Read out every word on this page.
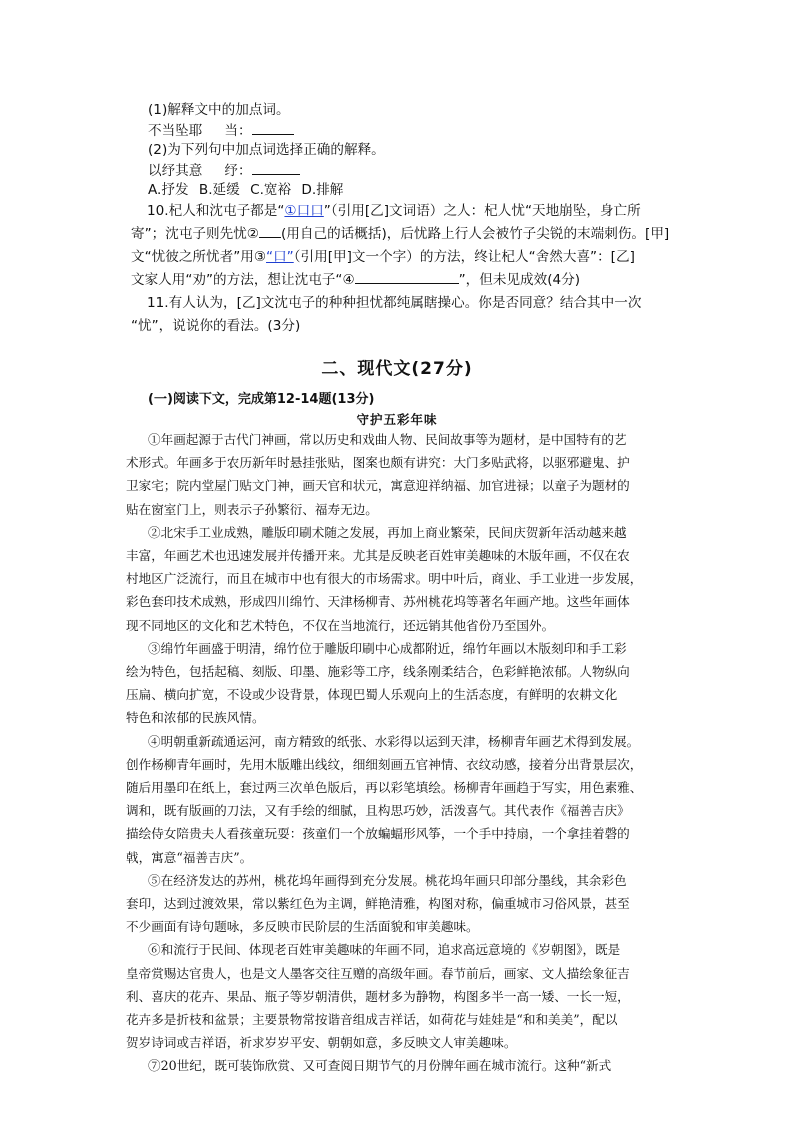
(1)解释文中的加点词。
不当坠耶 当：
(2)为下列句中加点词选择正确的解释。
以纾其意 纾：
A.抒发 B.延缓 C.宽裕 D.排解
10.杞人和沈屯子都是“①口口”（引用[乙]文词语）之人：杞人忧“天地崩坠，身亡所
寄”；沈屯子则先忧② (用自己的话概括)，后忧路上行人会被竹子尖锐的末端刺伤。[甲]
文“忧彼之所忧者”用③“口”（引用[甲]文一个字）的方法，终让杞人“舍然大喜”：[乙]
文家人用“劝”的方法，想让沈屯子“④	”，但未见成效(4分)
11.有人认为，[乙]文沈屯子的种种担忧都纯属瞎操心。你是否同意？结合其中一次
“忧”，说说你的看法。(3分)
二、现代文(27分)
(一)阅读下文，完成第12-14题(13分)
守护五彩年味
①年画起源于古代门神画，常以历史和戏曲人物、民间故事等为题材，是中国特有的艺
术形式。年画多于农历新年时悬挂张贴，图案也颇有讲究：大门多贴武将，以驱邪避鬼、护
卫家宅；院内堂屋门贴文门神，画天官和状元，寓意迎祥纳福、加官进禄；以童子为题材的
贴在窗室门上，则表示子孙繁衍、福寿无边。
②北宋手工业成熟，雕版印刷术随之发展，再加上商业繁荣，民间庆贺新年活动越来越
丰富，年画艺术也迅速发展并传播开来。尤其是反映老百姓审美趣味的木版年画，不仅在农
村地区广泛流行，而且在城市中也有很大的市场需求。明中叶后，商业、手工业进一步发展，
彩色套印技术成熟，形成四川绵竹、天津杨柳青、苏州桃花坞等著名年画产地。这些年画体
现不同地区的文化和艺术特色，不仅在当地流行，还远销其他省份乃至国外。
③绵竹年画盛于明清，绵竹位于雕版印刷中心成都附近，绵竹年画以木版刻印和手工彩
绘为特色，包括起稿、刻版、印墨、施彩等工序，线条刚柔结合，色彩鲜艳浓郁。人物纵向
压扁、横向扩宽，不设或少设背景，体现巴蜀人乐观向上的生活态度，有鲜明的农耕文化
特色和浓郁的民族风情。
④明朝重新疏通运河，南方精致的纸张、水彩得以运到天津，杨柳青年画艺术得到发展。
创作杨柳青年画时，先用木版雕出线纹，细细刻画五官神情、衣纹动感，接着分出背景层次，
随后用墨印在纸上，套过两三次单色版后，再以彩笔填绘。杨柳青年画趋于写实，用色素雅、
调和，既有版画的刀法，又有手绘的细腻，且构思巧妙，活泼喜气。其代表作《福善吉庆》
描绘侍女陪贵夫人看孩童玩耍：孩童们一个放蝙蝠形风筝，一个手中持扇，一个拿挂着磬的
戟，寓意“福善吉庆”。
⑤在经济发达的苏州，桃花坞年画得到充分发展。桃花坞年画只印部分墨线，其余彩色
套印，达到过渡效果，常以紫红色为主调，鲜艳清雅，构图对称，偏重城市习俗风景，甚至
不少画面有诗句题咏，多反映市民阶层的生活面貌和审美趣味。
⑥和流行于民间、体现老百姓审美趣味的年画不同，追求高远意境的《岁朝图》，既是
皇帝赏赐达官贵人，也是文人墨客交往互赠的高级年画。春节前后，画家、文人描绘象征吉
利、喜庆的花卉、果品、瓶子等岁朝清供，题材多为静物，构图多半一高一矮、一长一短，
花卉多是折枝和盆景；主要景物常按谐音组成吉祥话，如荷花与娃娃是“和和美美”，配以
贺岁诗词或吉祥语，祈求岁岁平安、朝朝如意，多反映文人审美趣味。
⑦20世纪，既可装饰欣赏、又可查阅日期节气的月份牌年画在城市流行。这种“新式
